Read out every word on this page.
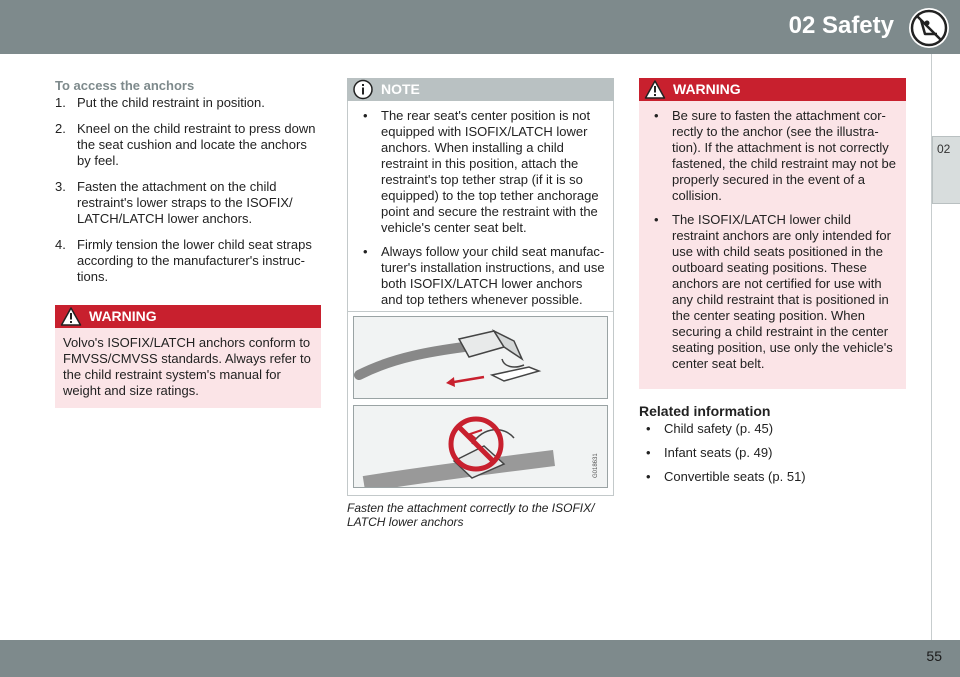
02 Safety
02
To access the anchors
1. Put the child restraint in position.
2. Kneel on the child restraint to press down the seat cushion and locate the anchors by feel.
3. Fasten the attachment on the child restraint's lower straps to the ISOFIX/ LATCH/LATCH lower anchors.
4. Firmly tension the lower child seat straps according to the manufacturer's instruc- tions.
WARNING
Volvo's ISOFIX/LATCH anchors conform to FMVSS/CMVSS standards. Always refer to the child restraint system's manual for weight and size ratings.
NOTE
• The rear seat's center position is not equipped with ISOFIX/LATCH lower anchors. When installing a child restraint in this position, attach the restraint's top tether strap (if it is so equipped) to the top tether anchorage point and secure the restraint with the vehicle's center seat belt.
• Always follow your child seat manufac- turer's installation instructions, and use both ISOFIX/LATCH lower anchors and top tethers whenever possible.
G018631
Fasten the attachment correctly to the ISOFIX/ LATCH lower anchors
WARNING
• Be sure to fasten the attachment cor- rectly to the anchor (see the illustra- tion). If the attachment is not correctly fastened, the child restraint may not be properly secured in the event of a collision.
• The ISOFIX/LATCH lower child restraint anchors are only intended for use with child seats positioned in the outboard seating positions. These anchors are not certified for use with any child restraint that is positioned in the center seating position. When securing a child restraint in the center seating position, use only the vehicle's center seat belt.
Related information
• Child safety (p. 45)
• Infant seats (p. 49)
• Convertible seats (p. 51)
55
